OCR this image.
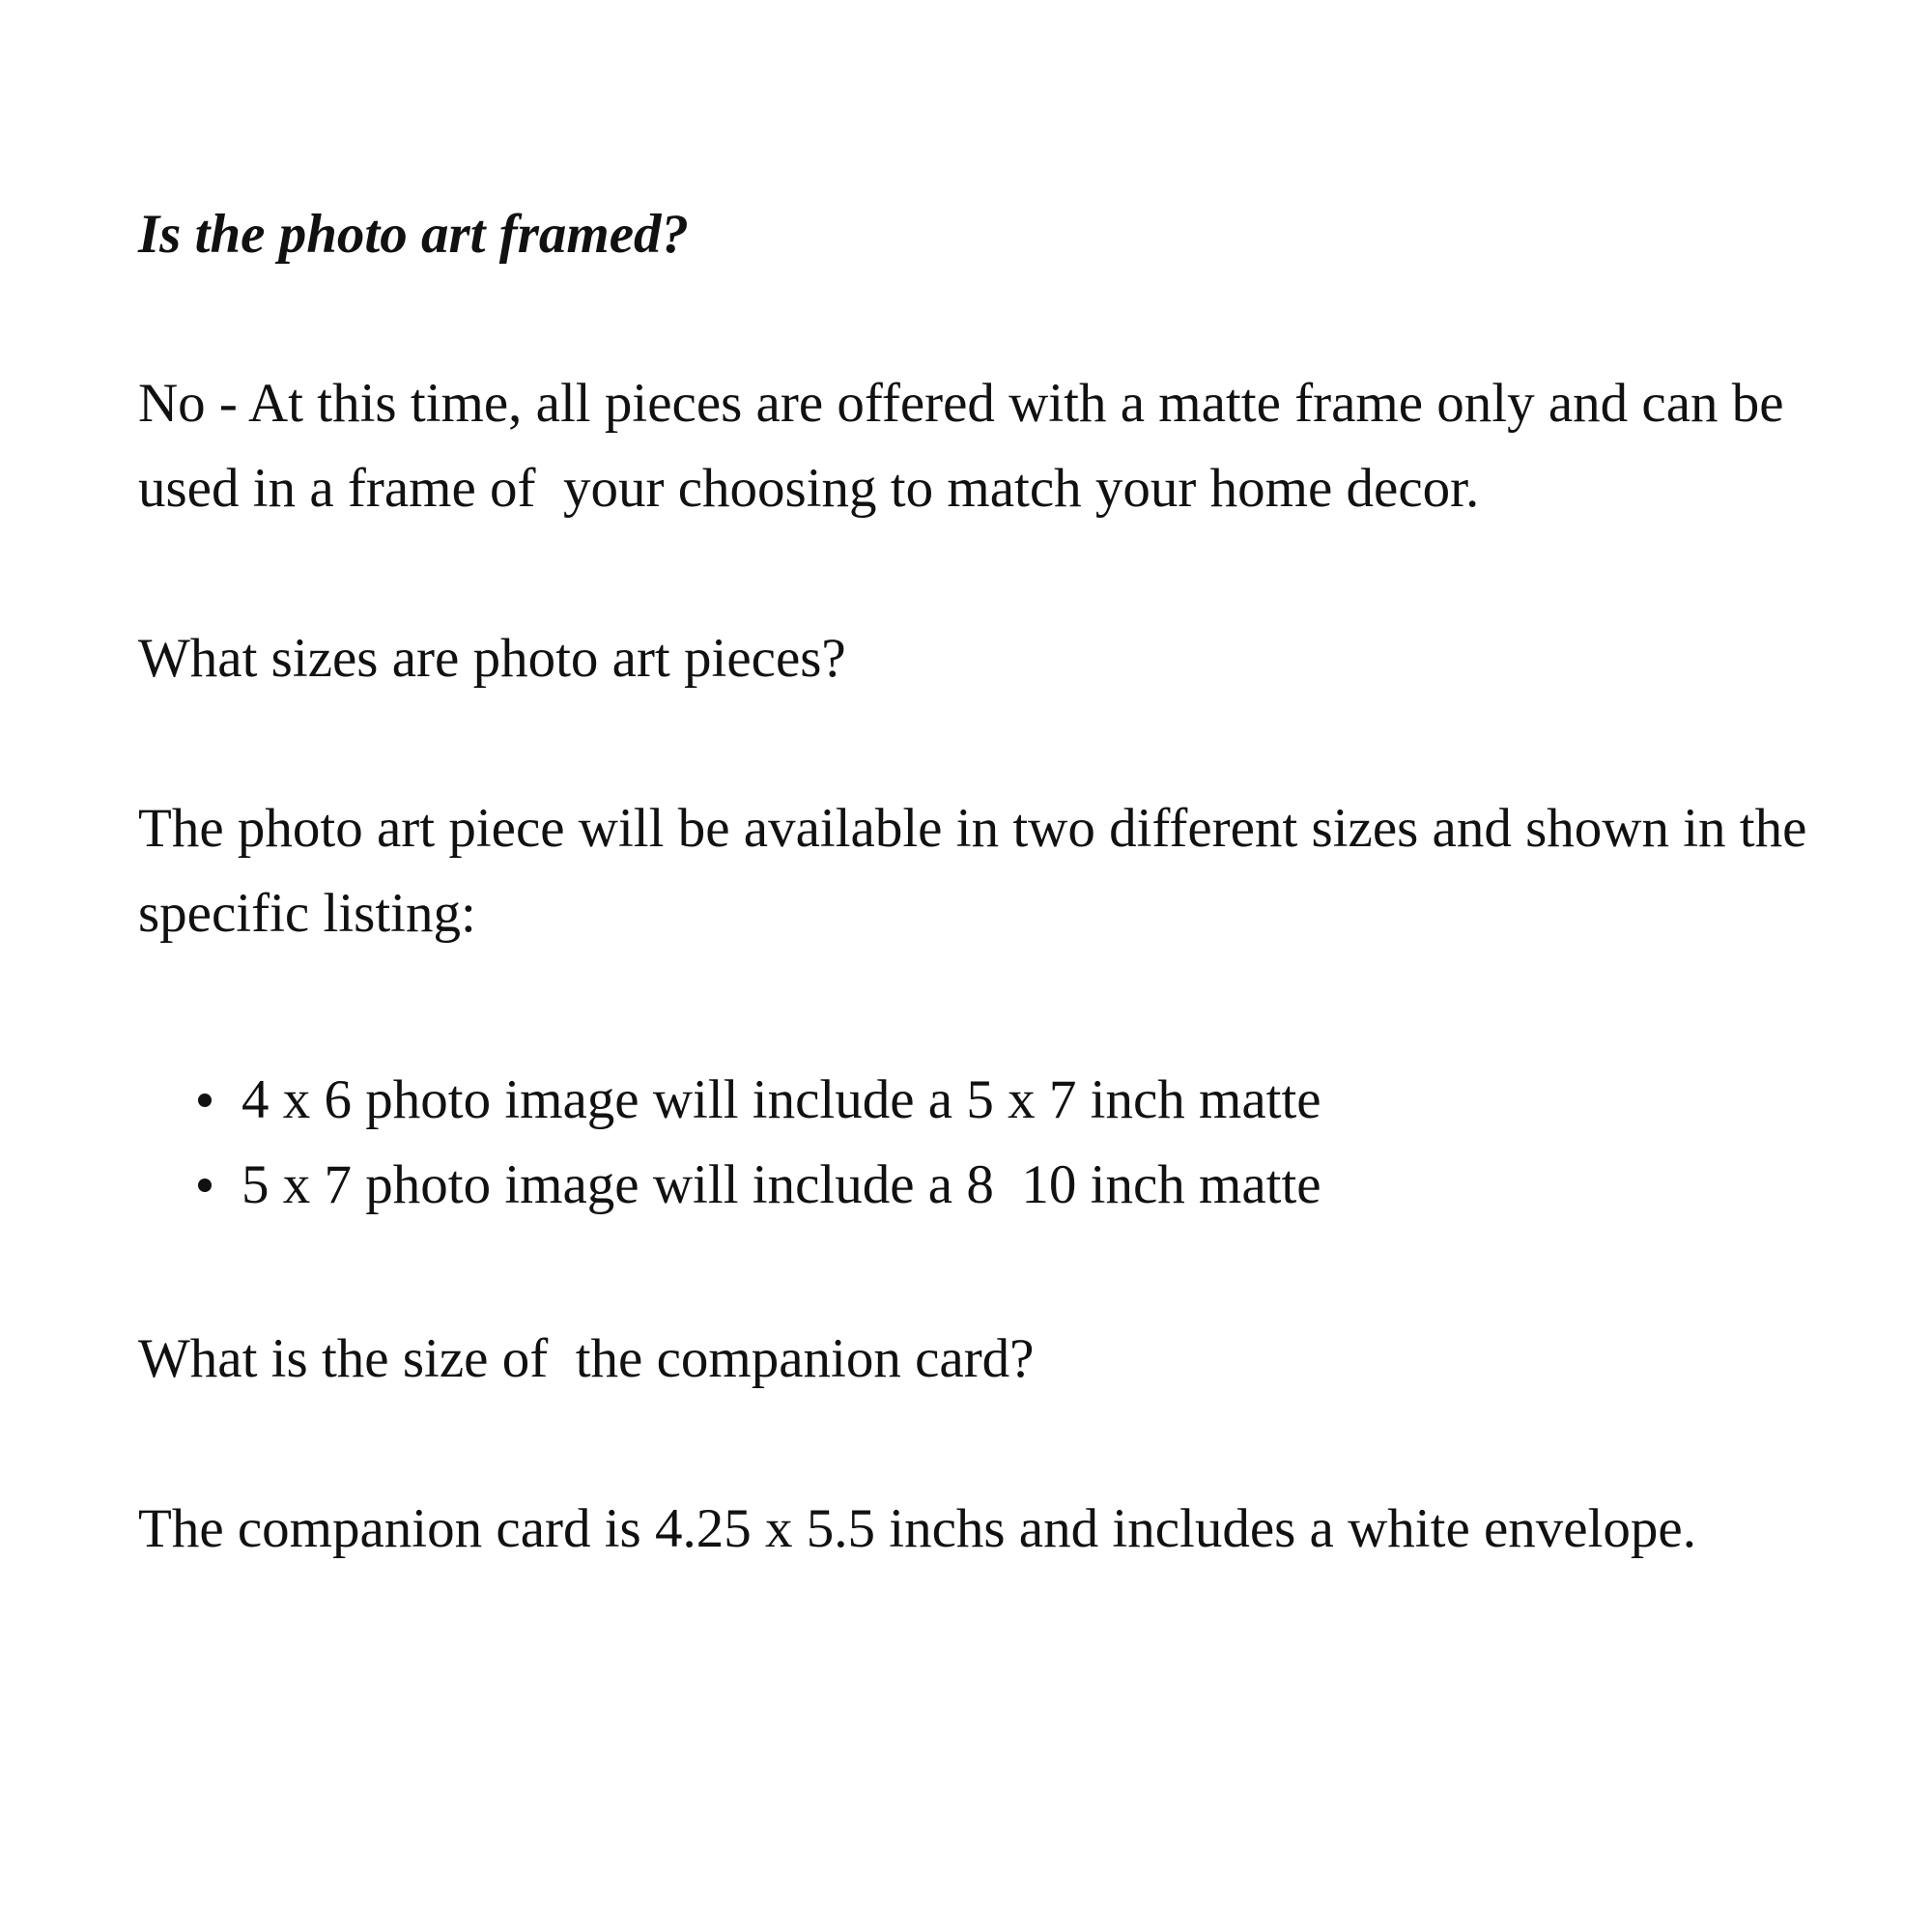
Is the photo art framed?

No - At this time, all pieces are offered with a matte frame only and can be used in a frame of  your choosing to match your home decor.

What sizes are photo art pieces?

The photo art piece will be available in two different sizes and shown in the specific listing:

4 x 6 photo image will include a 5 x 7 inch matte
5 x 7 photo image will include a 8  10 inch matte

What is the size of  the companion card?

The companion card is 4.25 x 5.5 inchs and includes a white envelope.
